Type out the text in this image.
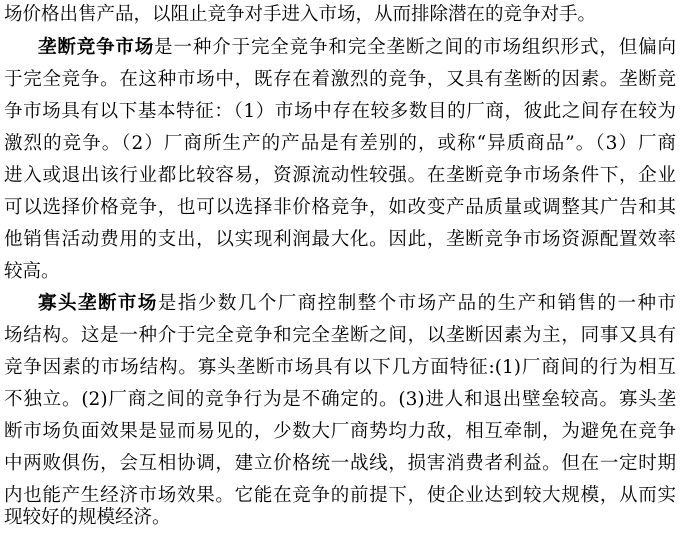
场价格出售产品，以阻止竞争对手进入市场，从而排除潜在的竞争对手。
垄断竞争市场是一种介于完全竞争和完全垄断之间的市场组织形式，但偏向
于完全竞争。在这种市场中，既存在着激烈的竞争，又具有垄断的因素。垄断竞
争市场具有以下基本特征：（1）市场中存在较多数目的厂商，彼此之间存在较为
激烈的竞争。（2）厂商所生产的产品是有差别的，或称“异质商品”。（3）厂商
进入或退出该行业都比较容易，资源流动性较强。在垄断竞争市场条件下，企业
可以选择价格竞争，也可以选择非价格竞争，如改变产品质量或调整其广告和其
他销售活动费用的支出，以实现利润最大化。因此，垄断竞争市场资源配置效率
较高。
寡头垄断市场是指少数几个厂商控制整个市场产品的生产和销售的一种市
场结构。这是一种介于完全竞争和完全垄断之间，以垄断因素为主，同事又具有
竞争因素的市场结构。寡头垄断市场具有以下几方面特征:(1)厂商间的行为相互
不独立。(2)厂商之间的竞争行为是不确定的。(3)进人和退出壁垒较高。寡头垄
断市场负面效果是显而易见的，少数大厂商势均力敌，相互牵制，为避免在竞争
中两败俱伤，会互相协调，建立价格统一战线，损害消费者利益。但在一定时期
内也能产生经济市场效果。它能在竞争的前提下，使企业达到较大规模，从而实
现较好的规模经济。
